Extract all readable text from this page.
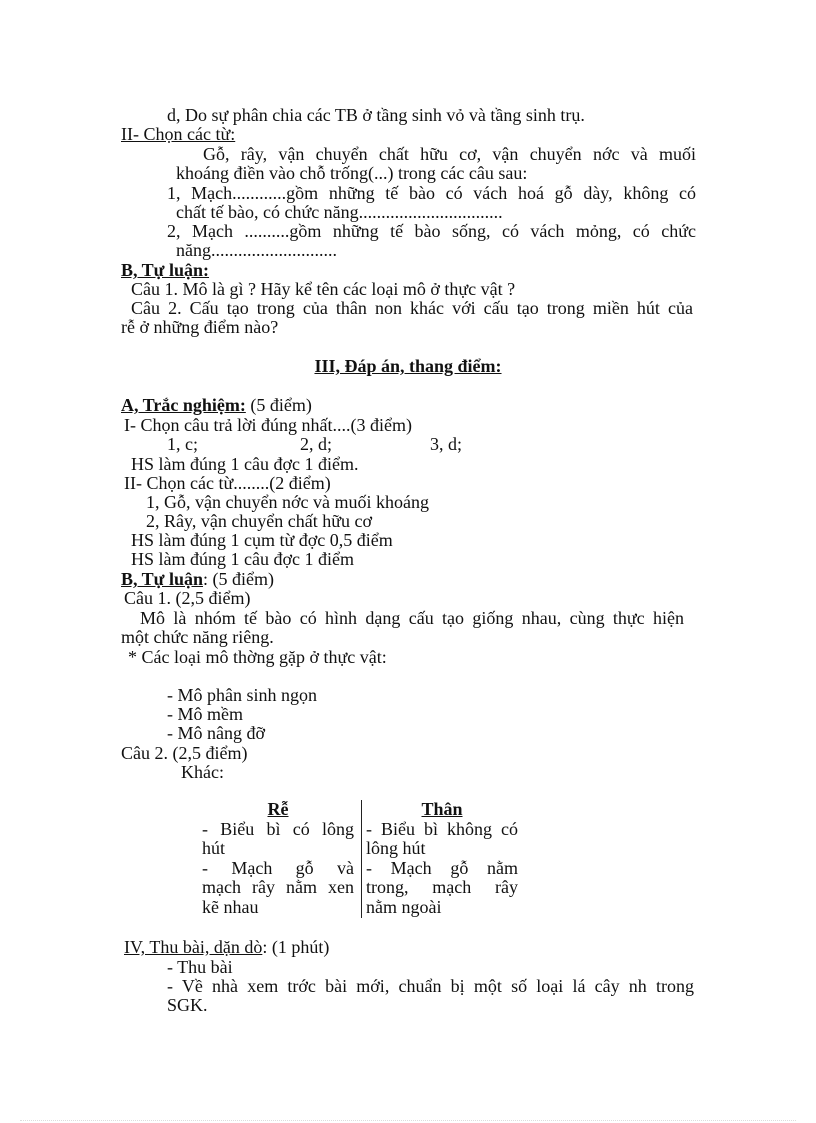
d, Do sự phân chia các TB ở tầng sinh vỏ và tầng sinh trụ.
II- Chọn các từ:
Gỗ, rây, vận chuyển chất hữu cơ, vận chuyển nớc và muối
khoáng điền vào chỗ trống(...) trong các câu sau:
1, Mạch............gồm những tế bào có vách hoá gỗ dày, không có
chất tế bào, có chức năng................................
2, Mạch ..........gồm những tế bào sống, có vách mỏng, có chức
năng............................
B, Tự luận:
Câu 1. Mô là gì ? Hãy kể tên các loại mô ở thực vật ?
Câu 2. Cấu tạo trong của thân non khác với cấu tạo trong miền hút của
rễ ở những điểm nào?
III, Đáp án, thang điểm:
A, Trắc nghiệm: (5 điểm)
I- Chọn câu trả lời đúng nhất....(3 điểm)
1, c;	2, d;	3, d;
HS làm đúng 1 câu đợc 1 điểm.
II- Chọn các từ........(2 điểm)
1, Gỗ, vận chuyển nớc và muối khoáng
2, Rây, vận chuyển chất hữu cơ
HS làm đúng 1 cụm từ đợc 0,5 điểm
HS làm đúng 1 câu đợc 1 điểm
B, Tự luận: (5 điểm)
Câu 1. (2,5 điểm)
Mô là nhóm tế bào có hình dạng cấu tạo giống nhau, cùng thực hiện
một chức năng riêng.
* Các loại mô thờng gặp ở thực vật:
- Mô phân sinh ngọn
- Mô mềm
- Mô nâng đỡ
Câu 2. (2,5 điểm)
Khác:
Rễ
- Biểu bì có lông
hút
- Mạch gỗ và
mạch rây nằm xen
kẽ nhau
Thân
- Biểu bì không có
lông hút
- Mạch gỗ nằm
trong, mạch rây
nằm ngoài
IV, Thu bài, dặn dò: (1 phút)
- Thu bài
- Về nhà xem trớc bài mới, chuẩn bị một số loại lá cây nh trong
SGK.
